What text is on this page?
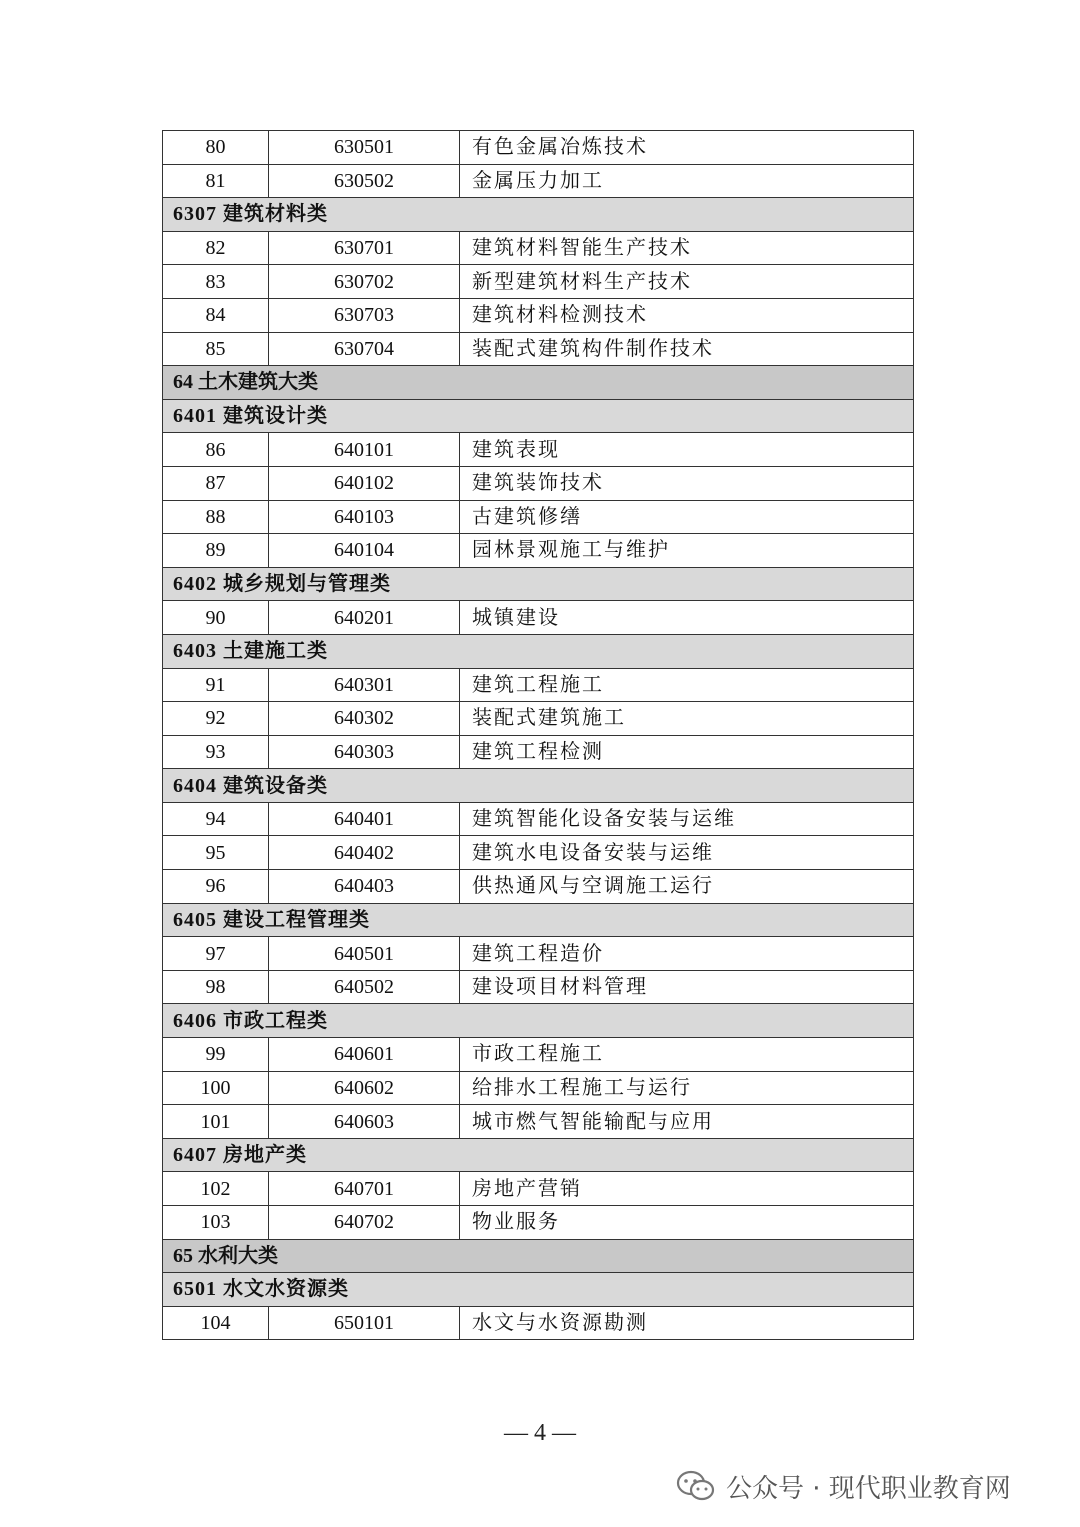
80	630501	有色金属冶炼技术
81	630502	金属压力加工
6307 建筑材料类		
82	630701	建筑材料智能生产技术
83	630702	新型建筑材料生产技术
84	630703	建筑材料检测技术
85	630704	装配式建筑构件制作技术
64 土木建筑大类		
6401 建筑设计类		
86	640101	建筑表现
87	640102	建筑装饰技术
88	640103	古建筑修缮
89	640104	园林景观施工与维护
6402 城乡规划与管理类		
90	640201	城镇建设
6403 土建施工类		
91	640301	建筑工程施工
92	640302	装配式建筑施工
93	640303	建筑工程检测
6404 建筑设备类		
94	640401	建筑智能化设备安装与运维
95	640402	建筑水电设备安装与运维
96	640403	供热通风与空调施工运行
6405 建设工程管理类		
97	640501	建筑工程造价
98	640502	建设项目材料管理
6406 市政工程类		
99	640601	市政工程施工
100	640602	给排水工程施工与运行
101	640603	城市燃气智能输配与应用
6407 房地产类		
102	640701	房地产营销
103	640702	物业服务
65 水利大类		
6501 水文水资源类		
104	650101	水文与水资源勘测
— 4 —
公众号 · 现代职业教育网
